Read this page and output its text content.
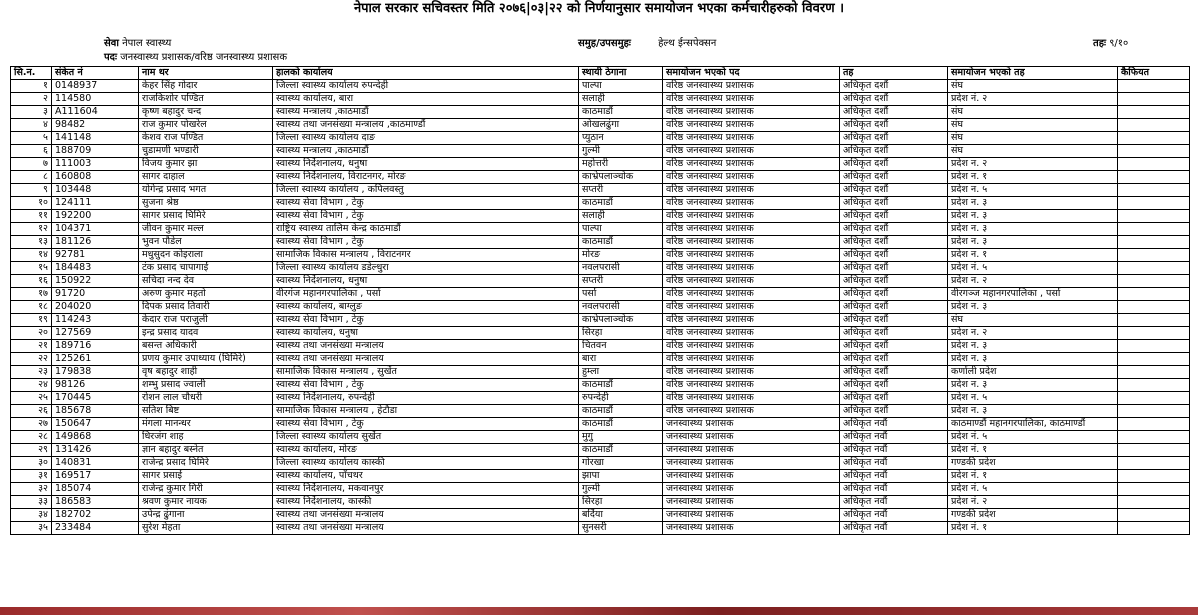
नेपाल सरकार सचिवस्तर मिति २०७६|०३|२२ को निर्णयानुसार समायोजन भएका कर्मचारीहरुको विवरण ।
सेवा नेपाल स्वास्थ्य
पदः जनस्वास्थ्य प्रशासक/वरिष्ठ जनस्वास्थ्य प्रशासक
समुह/उपसमुहः	हेल्थ ईन्सपेक्सन	तहः ९/१०
सि.न.	संकेत नं	नाम थर	हालको कार्यालय	स्थायी ठेगाना	समायोजन भएको पद	तह	समायोजन भएको तह	कैफियत
१	0148937	केहर सिंह गोदार	जिल्ला स्वास्थ्य कार्यालय रुपन्देही	पाल्पा	वरिष्ठ जनस्वास्थ्य प्रशासक	अधिकृत दशौं	संघ	
२	114580	राजकिशोर पण्डित	स्वास्थ्य कार्यालय, बारा	सलाही	वरिष्ठ जनस्वास्थ्य प्रशासक	अधिकृत दशौं	प्रदेश नं. २	
३	A111604	कृष्ण बहादुर चन्द	स्वास्थ्य मन्त्रालय ,काठमाडौं	काठमाडौं	वरिष्ठ जनस्वास्थ्य प्रशासक	अधिकृत दशौं	संघ	
४	98482	राज कुमार पोखरेल	स्वास्थ्य तथा जनसंख्या मन्त्रालय ,काठमाण्डौं	ओखलढुंगा	वरिष्ठ जनस्वास्थ्य प्रशासक	अधिकृत दशौं	संघ	
५	141148	केशव राज पण्डित	जिल्ला स्वास्थ्य कायोलय दाङ	प्युठान	वरिष्ठ जनस्वास्थ्य प्रशासक	अधिकृत दशौं	संघ	
६	188709	चुडामणी भण्डारी	स्वास्थ्य मन्त्रालय ,काठमाडौं	गुल्मी	वरिष्ठ जनस्वास्थ्य प्रशासक	अधिकृत दशौं	संघ	
७	111003	विजय कुमार झा	स्वास्थ्य निर्देशनालय, धनुषा	महोत्तरी	वरिष्ठ जनस्वास्थ्य प्रशासक	अधिकृत दशौं	प्रदेश न. २	
८	160808	सागर दाहाल	स्वास्थ्य निर्देशनालय, विराटनगर, मोरङ	काभ्रेपलाञ्चोक	वरिष्ठ जनस्वास्थ्य प्रशासक	अधिकृत दशौं	प्रदेश न. १	
९	103448	योगेन्द्र प्रसाद भगत	जिल्ला स्वास्थ्य कार्यालय , कपिलवस्तु	सप्तरी	वरिष्ठ जनस्वास्थ्य प्रशासक	अधिकृत दशौं	प्रदेश न. ५	
१०	124111	सुजना श्रेष्ठ	स्वास्थ्य सेवा विभाग , टेकु	काठमाडौं	वरिष्ठ जनस्वास्थ्य प्रशासक	अधिकृत दशौं	प्रदेश न. ३	
११	192200	सागर प्रसाद घिमिरे	स्वास्थ्य सेवा विभाग , टेकु	सलाही	वरिष्ठ जनस्वास्थ्य प्रशासक	अधिकृत दशौं	प्रदेश न. ३	
१२	104371	जीवन कुमार मल्ल	राष्ट्रिय स्वास्थ्य तालिम केन्द्र काठमाडौं	पाल्पा	वरिष्ठ जनस्वास्थ्य प्रशासक	अधिकृत दशौं	प्रदेश न. ३	
१३	181126	भुवन पौडेल	स्वास्थ्य सेवा विभाग , टेकु	काठमाडौं	वरिष्ठ जनस्वास्थ्य प्रशासक	अधिकृत दशौं	प्रदेश न. ३	
१४	92781	मधुसुदन कोइराला	सामाजिक विकास मन्त्रालय , विराटनगर	मोरङ	वरिष्ठ जनस्वास्थ्य प्रशासक	अधिकृत दशौं	प्रदेश न. १	
१५	184483	टंक प्रसाद चापागाई	जिल्ला स्वास्थ्य कार्यालय डडेल्धुरा	नवलपरासी	वरिष्ठ जनस्वास्थ्य प्रशासक	अधिकृत दशौं	प्रदेश नं. ५	
१६	150922	सचिदा नन्द देव	स्वास्थ्य निर्देशनालय, धनुषा	सप्तरी	वरिष्ठ जनस्वास्थ्य प्रशासक	अधिकृत दशौं	प्रदेश न. २	
१७	91720	अरुण कुमार महतो	वीरगंज महानगरपालिका , पर्सा	पर्सा	वरिष्ठ जनस्वास्थ्य प्रशासक	अधिकृत दशौं	वीरगञ्ज महानगरपालिका , पर्सा	
१८	204020	दिपक प्रसाद तिवारी	स्वास्थ्य कार्यालय, बाग्लुङ	नवलपरासी	वरिष्ठ जनस्वास्थ्य प्रशासक	अधिकृत दशौं	प्रदेश न. ३	
१९	114243	केदार राज पराजुली	स्वास्थ्य सेवा विभाग , टेकु	काभ्रेपलाञ्चोक	वरिष्ठ जनस्वास्थ्य प्रशासक	अधिकृत दशौं	संघ	
२०	127569	इन्द्र प्रसाद यादव	स्वास्थ्य कार्यालय, धनुषा	सिरहा	वरिष्ठ जनस्वास्थ्य प्रशासक	अधिकृत दशौं	प्रदेश न. २	
२१	189716	बसन्त अधिकारी	स्वास्थ्य तथा जनसंख्या मन्त्रालय	चितवन	वरिष्ठ जनस्वास्थ्य प्रशासक	अधिकृत दशौं	प्रदेश न. ३	
२२	125261	प्रणय कुमार उपाध्याय (घिमिरे)	स्वास्थ्य तथा जनसंख्या मन्त्रालय	बारा	वरिष्ठ जनस्वास्थ्य प्रशासक	अधिकृत दशौं	प्रदेश न. ३	
२३	179838	वृष बहादुर शाही	सामाजिक विकास मन्त्रालय , सुर्खेत	हुम्ला	वरिष्ठ जनस्वास्थ्य प्रशासक	अधिकृत दशौं	कर्णाली प्रदेश	
२४	98126	शम्भु प्रसाद ज्वाली	स्वास्थ्य सेवा विभाग , टेकु	काठमाडौं	वरिष्ठ जनस्वास्थ्य प्रशासक	अधिकृत दशौं	प्रदेश न. ३	
२५	170445	रोशन लाल चौधरी	स्वास्थ्य निर्देशनालय, रुपन्देही	रुपन्देही	वरिष्ठ जनस्वास्थ्य प्रशासक	अधिकृत दशौं	प्रदेश न. ५	
२६	185678	सतिश बिष्ट	सामाजिक विकास मन्त्रालय , हेटौडा	काठमाडौं	वरिष्ठ जनस्वास्थ्य प्रशासक	अधिकृत दशौं	प्रदेश न. ३	
२७	150647	मंगला मानन्धर	स्वास्थ्य सेवा विभाग , टेकु	काठमाडौं	जनस्वास्थ्य प्रशासक	अधिकृत नवौं	काठमाण्डौं महानगरपालिका, काठमाण्डौं	
२८	149868	धिरजंग शाह	जिल्ला स्वास्थ्य कार्यालय सुर्खेत	मुगु	जनस्वास्थ्य प्रशासक	अधिकृत नवौं	प्रदेश नं. ५	
२९	131426	ज्ञान बहादुर बस्नेत	स्वास्थ्य कार्यालय, मोरङ	काठमाडौं	जनस्वास्थ्य प्रशासक	अधिकृत नवौं	प्रदेश नं. १	
३०	140831	राजेन्द्र प्रसाद घिमिरे	जिल्ला स्वास्थ्य कार्यालय कास्की	गोरखा	जनस्वास्थ्य प्रशासक	अधिकृत नवौं	गण्डकी प्रदेश	
३१	169517	सागर प्रसाई	स्वास्थ्य कार्यालय, पाँचथर	झापा	जनस्वास्थ्य प्रशासक	अधिकृत नवौं	प्रदेश नं. १	
३२	185074	राजेन्द्र कुमार गिरी	स्वास्थ्य निर्देशनालय, मकवानपुर	गुल्मी	जनस्वास्थ्य प्रशासक	अधिकृत नवौं	प्रदेश नं. ५	
३३	186583	श्रवण कुमार नायक	स्वास्थ्य निर्देशनालय, कास्की	सिरहा	जनस्वास्थ्य प्रशासक	अधिकृत नवौं	प्रदेश नं. २	
३४	182702	उपेन्द्र ढुंगाना	स्वास्थ्य तथा जनसंख्या मन्त्रालय	बर्दिया	जनस्वास्थ्य प्रशासक	अधिकृत नवौं	गण्डकी प्रदेश	
३५	233484	सुरेश मेहता	स्वास्थ्य तथा जनसंख्या मन्त्रालय	सुनसरी	जनस्वास्थ्य प्रशासक	अधिकृत नवौं	प्रदेश नं. १	
